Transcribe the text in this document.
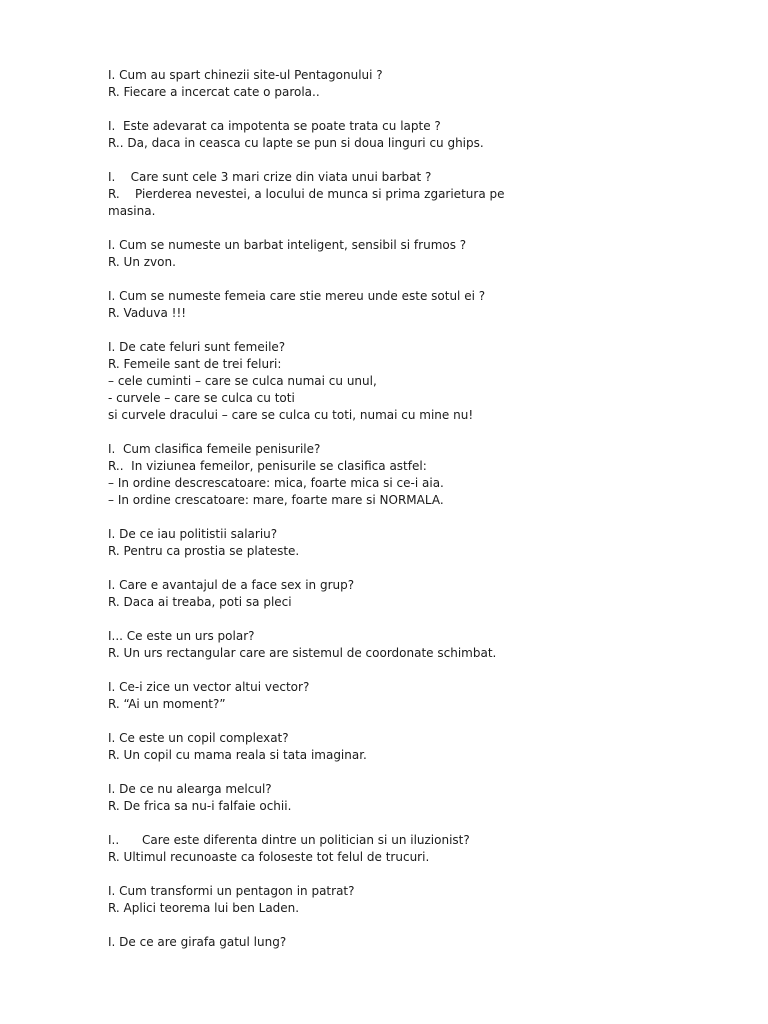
I. Cum au spart chinezii site-ul Pentagonului ?
R. Fiecare a incercat cate o parola..
I.  Este adevarat ca impotenta se poate trata cu lapte ?
R.. Da, daca in ceasca cu lapte se pun si doua linguri cu ghips.
I.    Care sunt cele 3 mari crize din viata unui barbat ?
R.    Pierderea nevestei, a locului de munca si prima zgarietura pe
masina.
I. Cum se numeste un barbat inteligent, sensibil si frumos ?
R. Un zvon.
I. Cum se numeste femeia care stie mereu unde este sotul ei ?
R. Vaduva !!!
I. De cate feluri sunt femeile?
R. Femeile sant de trei feluri:
– cele cuminti – care se culca numai cu unul,
- curvele – care se culca cu toti
si curvele dracului – care se culca cu toti, numai cu mine nu!
I.  Cum clasifica femeile penisurile?
R..  In viziunea femeilor, penisurile se clasifica astfel:
– In ordine descrescatoare: mica, foarte mica si ce-i aia.
– In ordine crescatoare: mare, foarte mare si NORMALA.
I. De ce iau politistii salariu?
R. Pentru ca prostia se plateste.
I. Care e avantajul de a face sex in grup?
R. Daca ai treaba, poti sa pleci
I... Ce este un urs polar?
R. Un urs rectangular care are sistemul de coordonate schimbat.
I. Ce-i zice un vector altui vector?
R. “Ai un moment?”
I. Ce este un copil complexat?
R. Un copil cu mama reala si tata imaginar.
I. De ce nu alearga melcul?
R. De frica sa nu-i falfaie ochii.
I..      Care este diferenta dintre un politician si un iluzionist?
R. Ultimul recunoaste ca foloseste tot felul de trucuri.
I. Cum transformi un pentagon in patrat?
R. Aplici teorema lui ben Laden.
I. De ce are girafa gatul lung?
